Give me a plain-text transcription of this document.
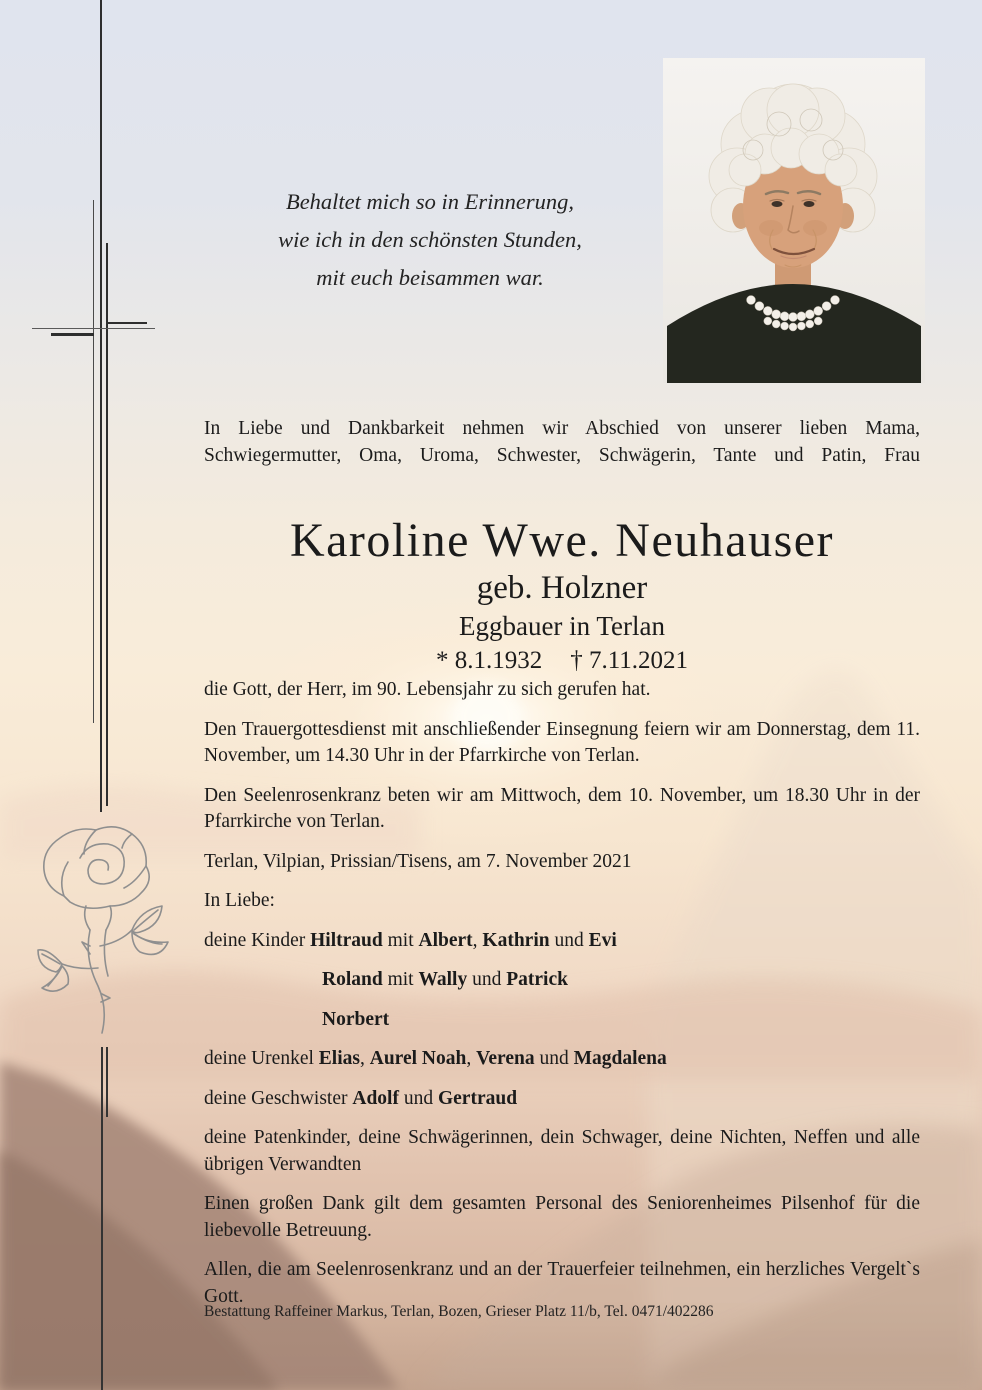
Behaltet mich so in Erinnerung,
wie ich in den schönsten Stunden,
mit euch beisammen war.

In Liebe und Dankbarkeit nehmen wir Abschied von unserer lieben Mama, Schwiegermutter, Oma, Uroma, Schwester, Schwägerin, Tante und Patin, Frau

Karoline Wwe. Neuhauser
geb. Holzner
Eggbauer in Terlan
* 8.1.1932 † 7.11.2021

die Gott, der Herr, im 90. Lebensjahr zu sich gerufen hat.

Den Trauergottesdienst mit anschließender Einsegnung feiern wir am Donnerstag, dem 11. November, um 14.30 Uhr in der Pfarrkirche von Terlan.

Den Seelenrosenkranz beten wir am Mittwoch, dem 10. November, um 18.30 Uhr in der Pfarrkirche von Terlan.

Terlan, Vilpian, Prissian/Tisens, am 7. November 2021

In Liebe:

deine Kinder Hiltraud mit Albert, Kathrin und Evi

Roland mit Wally und Patrick

Norbert

deine Urenkel Elias, Aurel Noah, Verena und Magdalena

deine Geschwister Adolf und Gertraud

deine Patenkinder, deine Schwägerinnen, dein Schwager, deine Nichten, Neffen und alle übrigen Verwandten

Einen großen Dank gilt dem gesamten Personal des Seniorenheimes Pilsenhof für die liebevolle Betreuung.

Allen, die am Seelenrosenkranz und an der Trauerfeier teilnehmen, ein herzliches Vergelt`s Gott.

Bestattung Raffeiner Markus, Terlan, Bozen, Grieser Platz 11/b, Tel. 0471/402286
